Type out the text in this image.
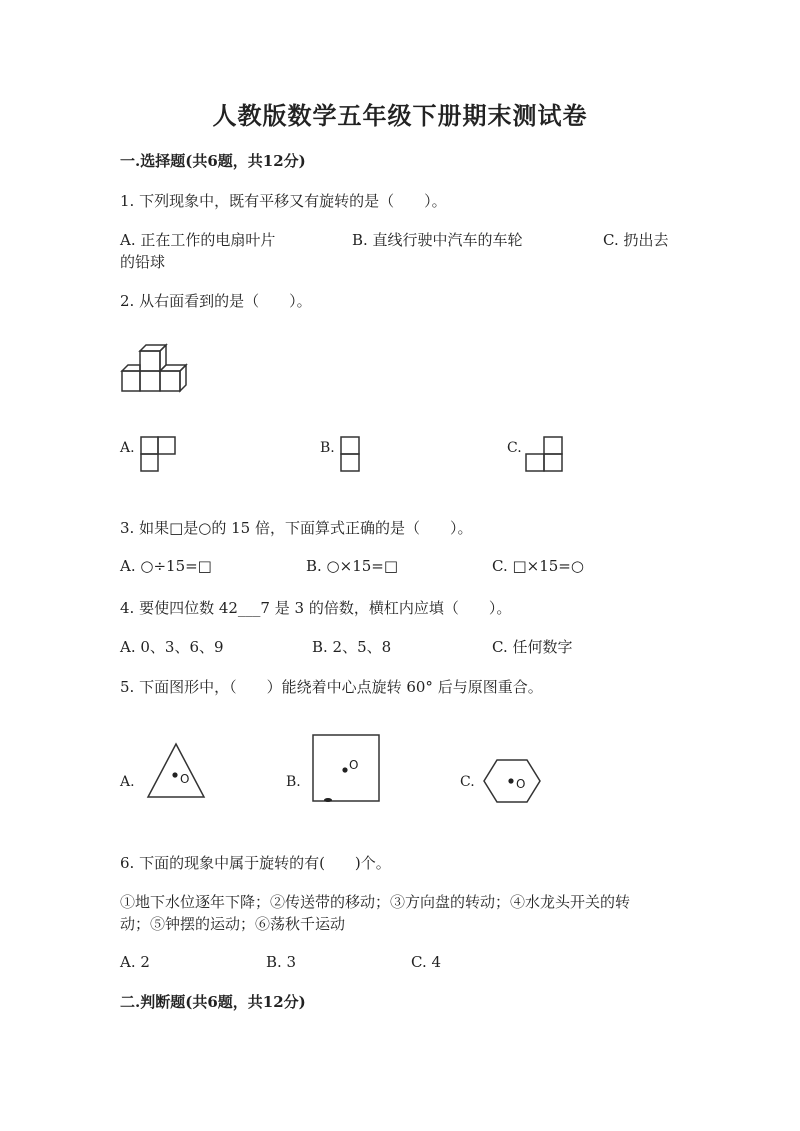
人教版数学五年级下册期末测试卷
一.选择题(共6题，共12分)
1. 下列现象中，既有平移又有旋转的是（　　）。
A. 正在工作的电扇叶片	B. 直线行驶中汽车的车轮	C. 扔出去
的铅球
2. 从右面看到的是（　　）。
A.	B.	C.
3. 如果□是○的 15 倍，下面算式正确的是（　　）。
A. ○÷15=□	B. ○×15=□	C. □×15=○
4. 要使四位数 42___7 是 3 的倍数，横杠内应填（　　）。
A. 0、3、6、9	B. 2、5、8	C. 任何数字
5. 下面图形中，（　　）能绕着中心点旋转 60° 后与原图重合。
A.	O	B.
O
C.	O
6. 下面的现象中属于旋转的有(　　)个。
①地下水位逐年下降；②传送带的移动；③方向盘的转动；④水龙头开关的转
动；⑤钟摆的运动；⑥荡秋千运动
A. 2	B. 3	C. 4
二.判断题(共6题，共12分)
